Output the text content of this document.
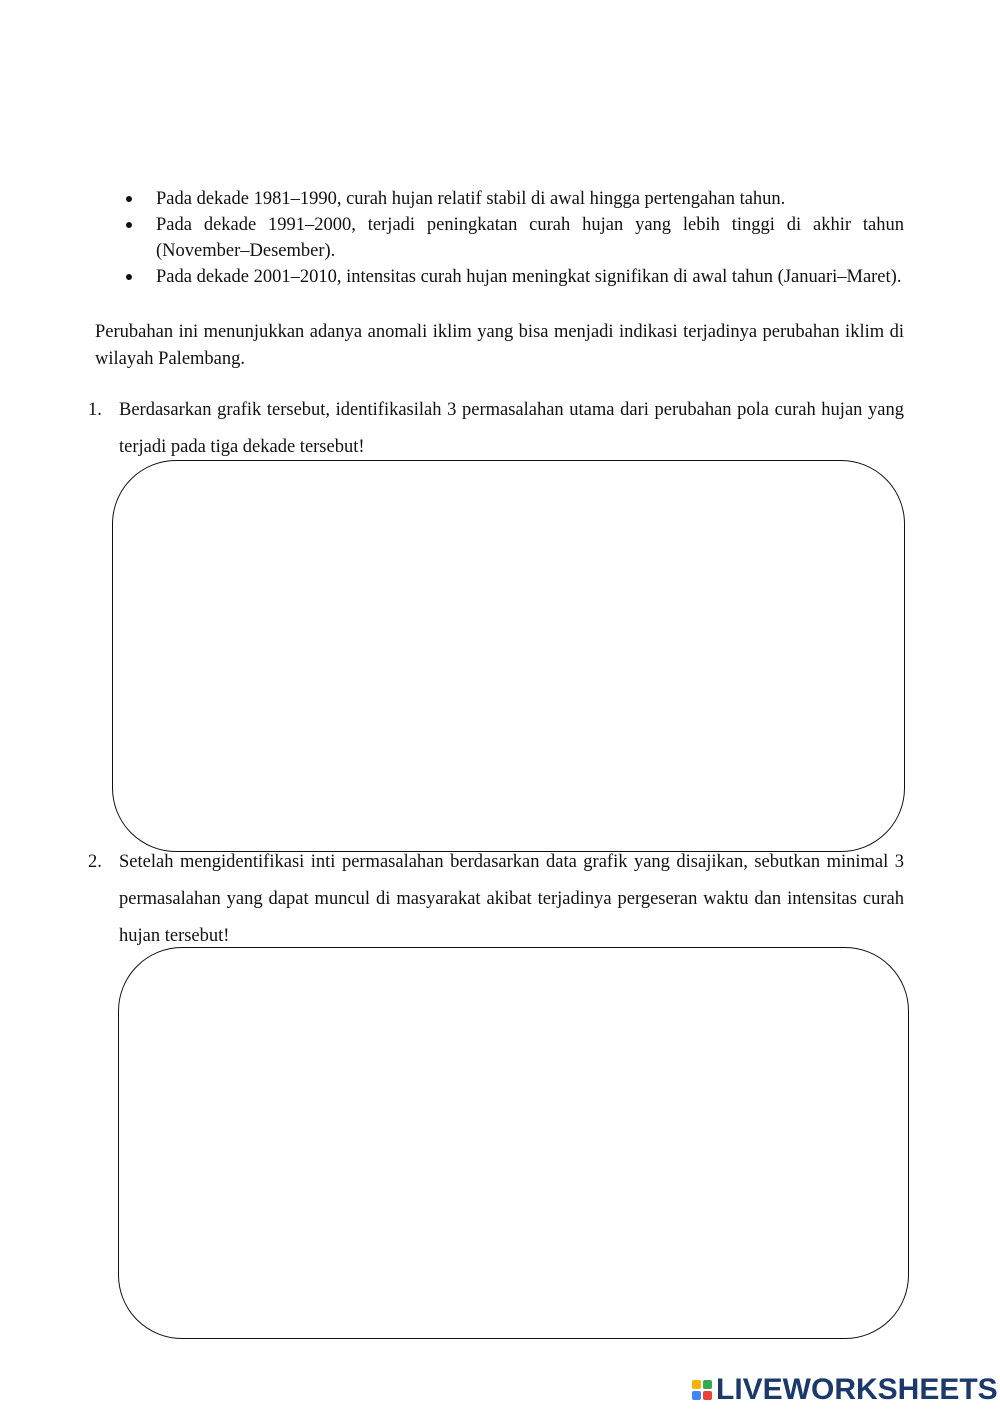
Pada dekade 1981–1990, curah hujan relatif stabil di awal hingga pertengahan tahun.
Pada dekade 1991–2000, terjadi peningkatan curah hujan yang lebih tinggi di akhir tahun (November–Desember).
Pada dekade 2001–2010, intensitas curah hujan meningkat signifikan di awal tahun (Januari–Maret).

Perubahan ini menunjukkan adanya anomali iklim yang bisa menjadi indikasi terjadinya perubahan iklim di wilayah Palembang.

1. Berdasarkan grafik tersebut, identifikasilah 3 permasalahan utama dari perubahan pola curah hujan yang terjadi pada tiga dekade tersebut!
2. Setelah mengidentifikasi inti permasalahan berdasarkan data grafik yang disajikan, sebutkan minimal 3 permasalahan yang dapat muncul di masyarakat akibat terjadinya pergeseran waktu dan intensitas curah hujan tersebut!
LIVEWORKSHEETS
